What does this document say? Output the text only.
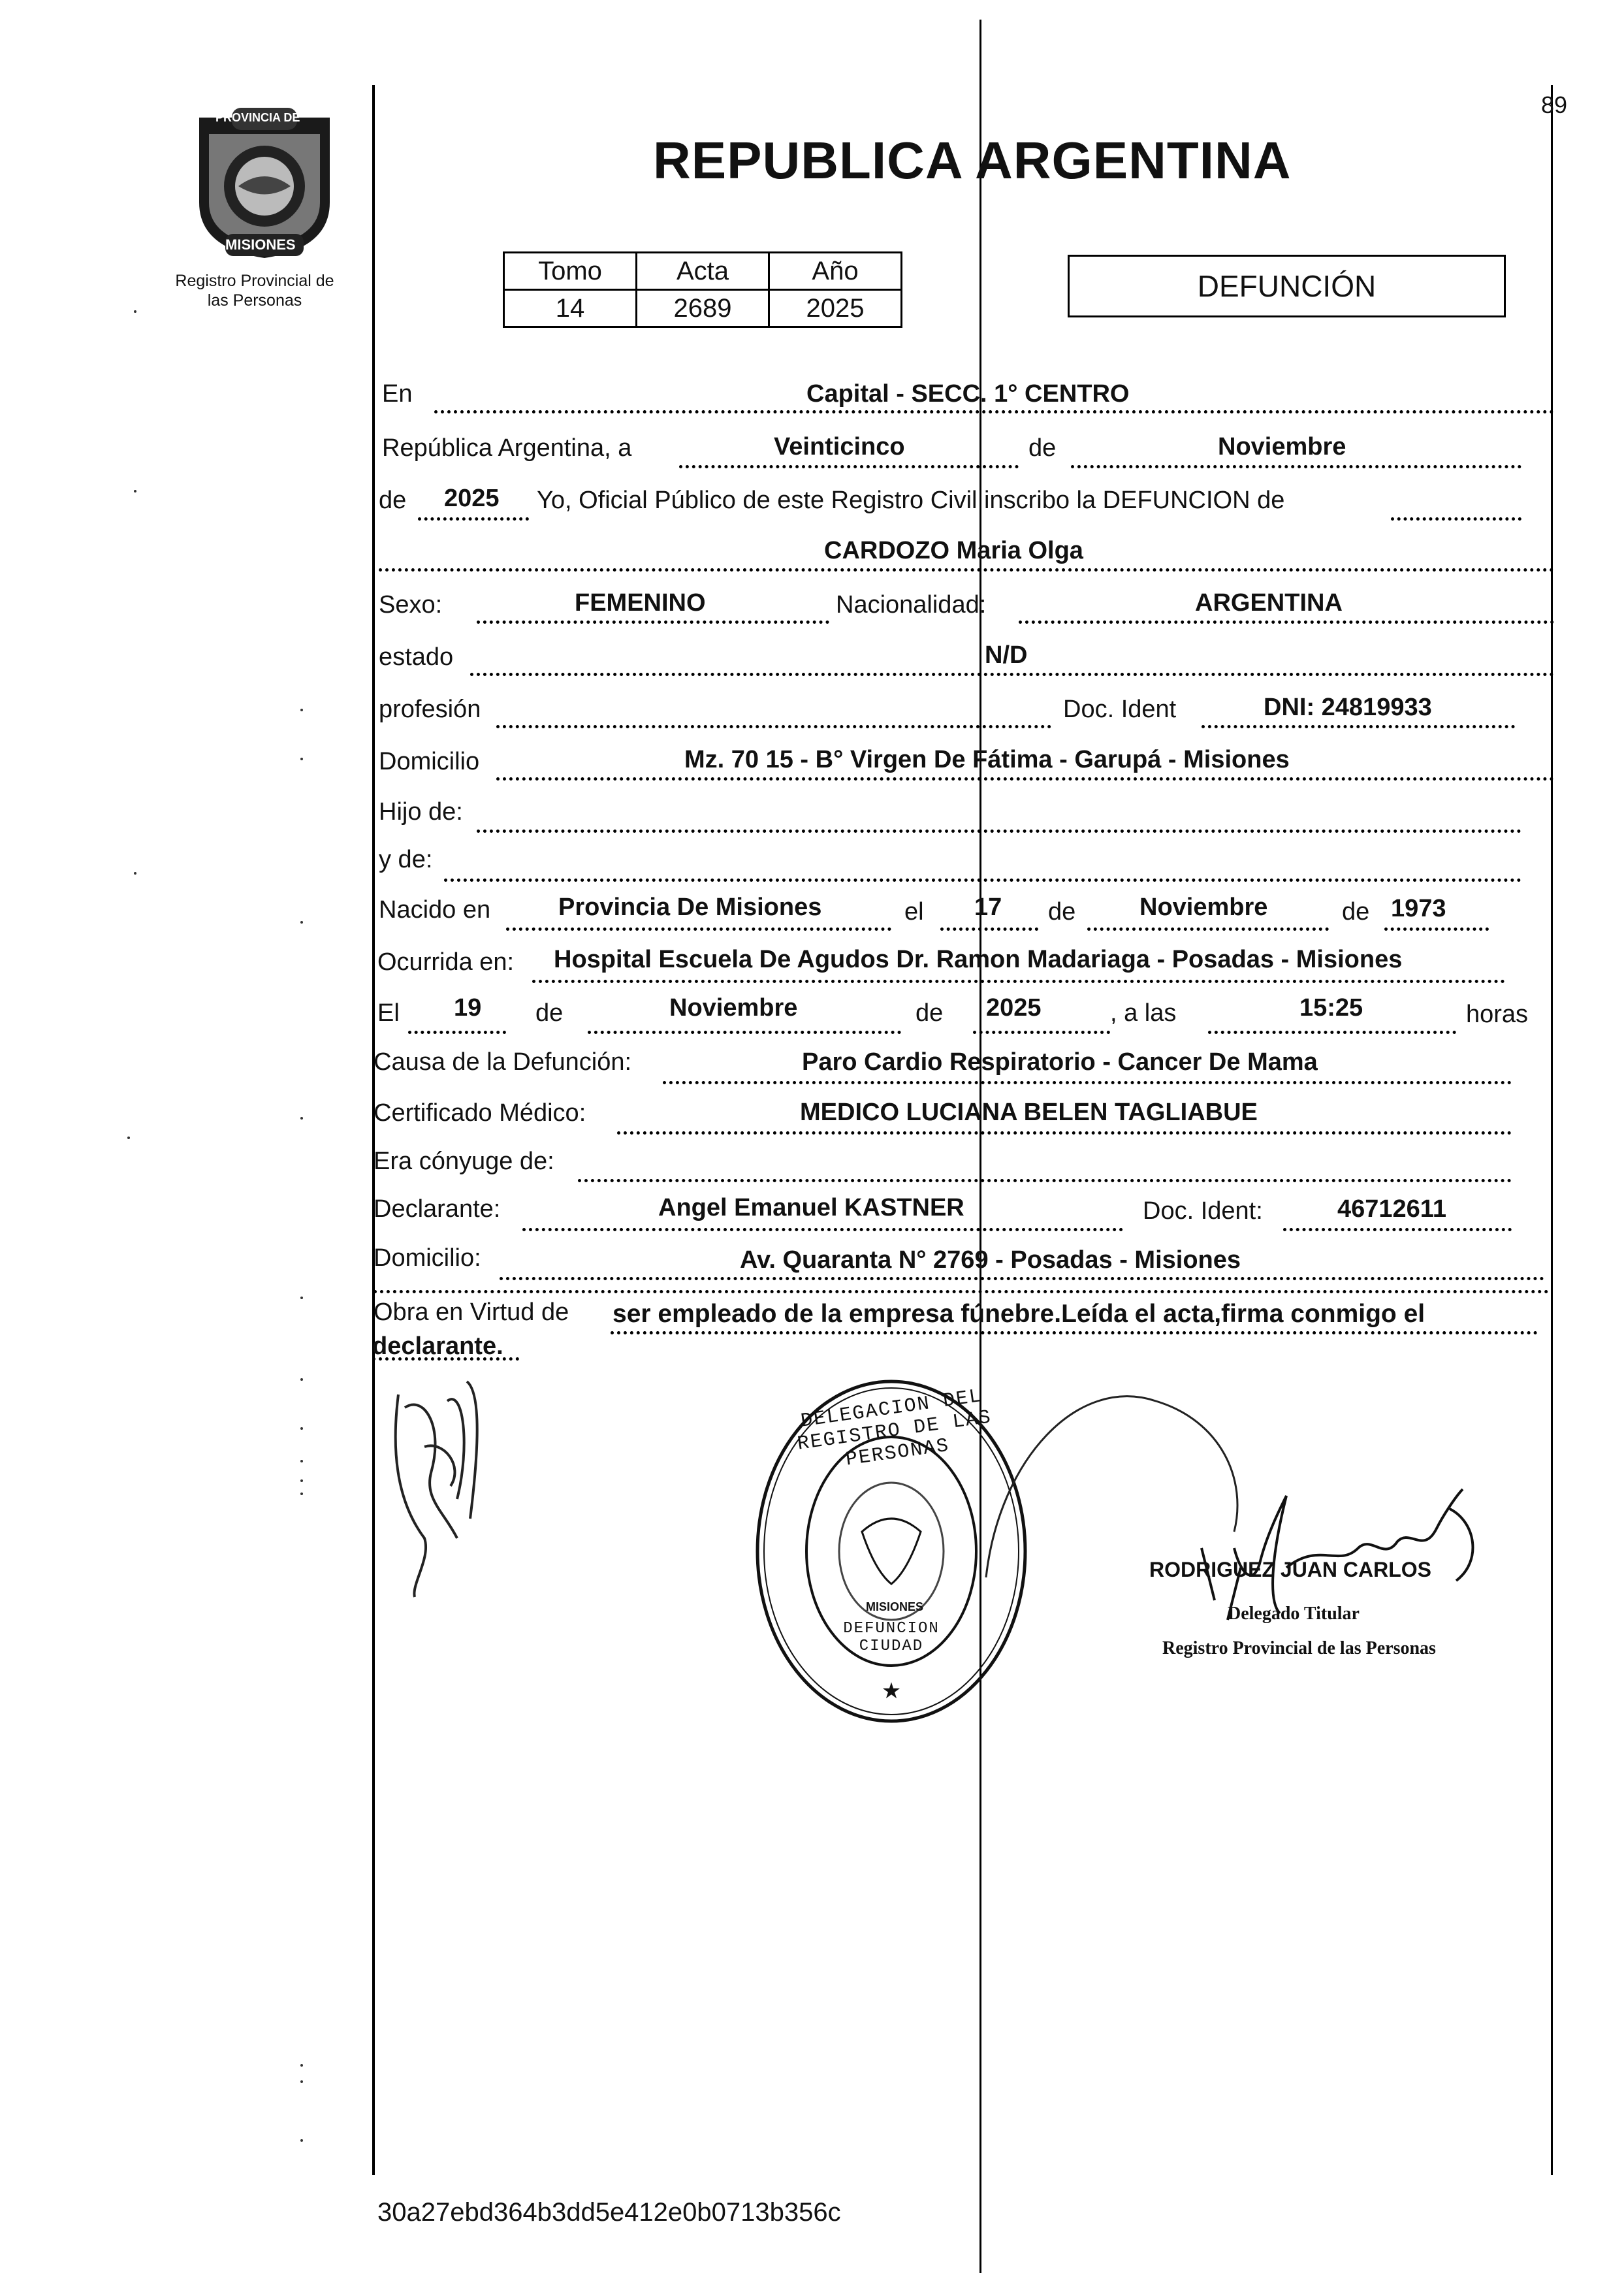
89
PROVINCIA DE
MISIONES
Registro Provincial de
las Personas
REPUBLICA ARGENTINA
Tomo	Acta	Año
14	2689	2025
DEFUNCIÓN
En	Capital - SECC. 1° CENTRO
República Argentina, a	Veinticinco	de	Noviembre
de 2025 Yo, Oficial Público de este Registro Civil inscribo la DEFUNCION de
CARDOZO Maria Olga
Sexo:	FEMENINO	Nacionalidad:	ARGENTINA
estado	N/D
profesión	Doc. Ident	DNI: 24819933
Domicilio	Mz. 70 15 - B° Virgen De Fátima - Garupá - Misiones
Hijo de:
y de:
Nacido en	Provincia De Misiones	el 17 de	Noviembre	de 1973
Ocurrida en: Hospital Escuela De Agudos Dr. Ramon Madariaga - Posadas - Misiones
El 19 de	Noviembre	de 2025	, a las	15:25	horas
Causa de la Defunción:	Paro Cardio Respiratorio - Cancer De Mama
Certificado Médico:	MEDICO LUCIANA BELEN TAGLIABUE
Era cónyuge de:
Declarante:	Angel Emanuel KASTNER	Doc. Ident:	46712611
Domicilio:	Av. Quaranta N° 2769 - Posadas - Misiones
Obra en Virtud de ser empleado de la empresa fúnebre.Leída el acta,firma conmigo el
declarante.
★
DELEGACION DEL REGISTRO DE LAS PERSONAS
DEFUNCION CIUDAD
MISIONES
RODRIGUEZ JUAN CARLOS
Delegado Titular
Registro Provincial de las Personas
30a27ebd364b3dd5e412e0b0713b356c
